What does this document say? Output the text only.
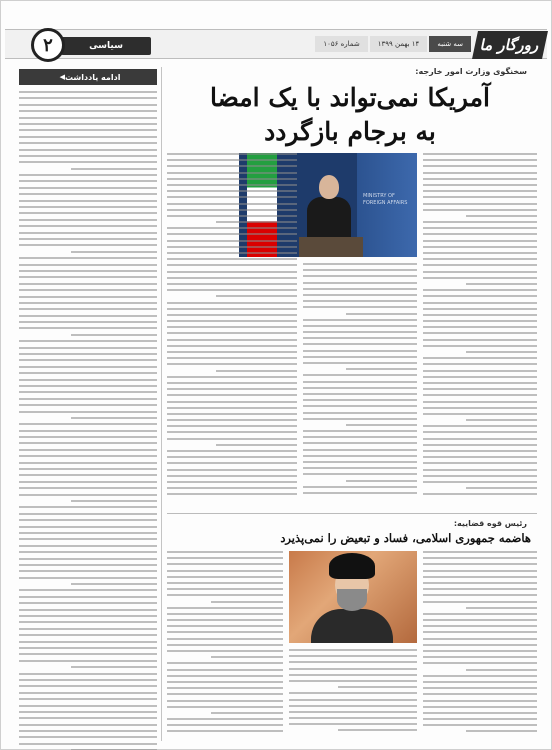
رورگار ما
سه شنبه
۱۴ بهمن ۱۳۹۹
شماره ۱۰۵۶
سیاسی
۲
ادامه یادداشت
◀
سخنگوی وزارت امور خارجه:
آمریکا نمی‌تواند با یک امضا
به برجام بازگردد
MINISTRY OF FOREIGN AFFAIRS
رئیس قوه قضاییه:
هاضمه جمهوری اسلامی، فساد و تبعیض را نمی‌پذیرد
